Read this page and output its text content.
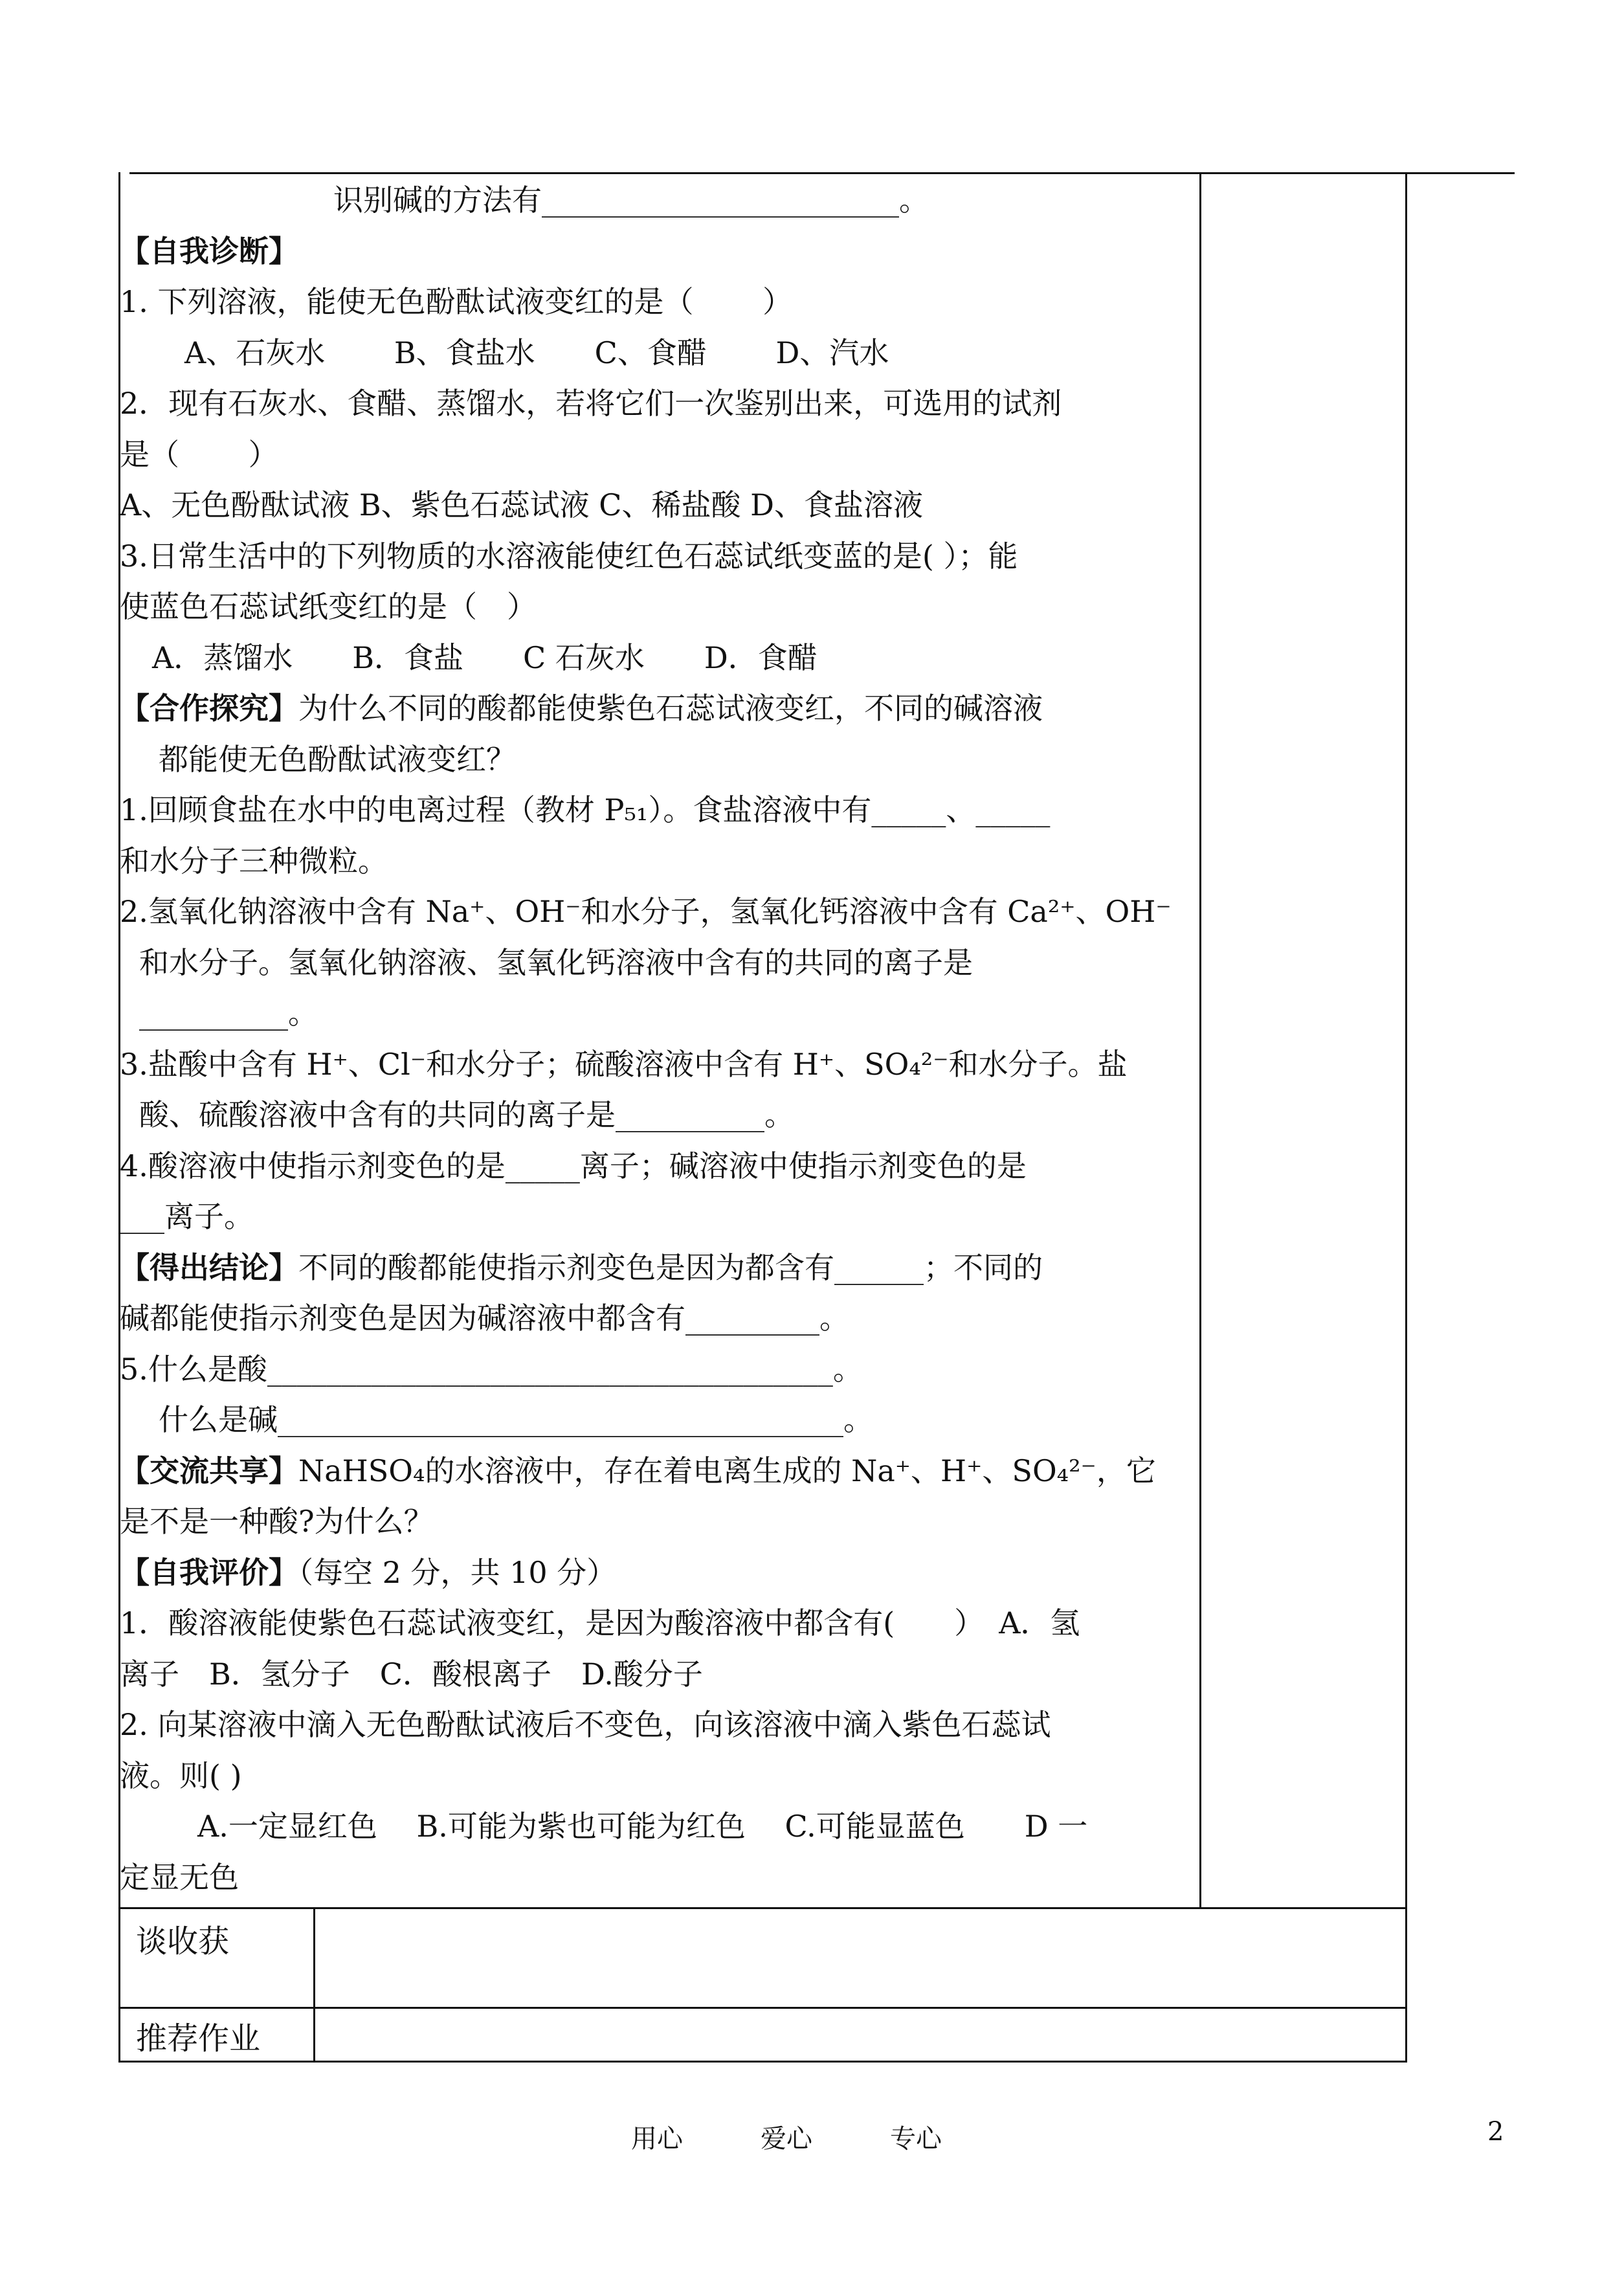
识别碱的方法有________________________。
【自我诊断】
1. 下列溶液，能使无色酚酞试液变红的是（　　 ）
A、石灰水　　 B、食盐水　　C、食醋　　 D、汽水
2．现有石灰水、食醋、蒸馏水，若将它们一次鉴别出来，可选用的试剂
是（　　 ）
A、无色酚酞试液 B、紫色石蕊试液 C、稀盐酸 D、食盐溶液
3.日常生活中的下列物质的水溶液能使红色石蕊试纸变蓝的是( ）；能
使蓝色石蕊试纸变红的是（　）
A．蒸馏水　　B．食盐　　C 石灰水　　D．食醋
【合作探究】为什么不同的酸都能使紫色石蕊试液变红，不同的碱溶液
都能使无色酚酞试液变红？
1.回顾食盐在水中的电离过程（教材 P₅₁）。食盐溶液中有_____、_____
和水分子三种微粒。
2.氢氧化钠溶液中含有 Na⁺、OH⁻和水分子，氢氧化钙溶液中含有 Ca²⁺、OH⁻
和水分子。氢氧化钠溶液、氢氧化钙溶液中含有的共同的离子是
__________。
3.盐酸中含有 H⁺、Cl⁻和水分子；硫酸溶液中含有 H⁺、SO₄²⁻和水分子。盐
酸、硫酸溶液中含有的共同的离子是__________。
4.酸溶液中使指示剂变色的是_____离子；碱溶液中使指示剂变色的是
___离子。
【得出结论】不同的酸都能使指示剂变色是因为都含有______；不同的
碱都能使指示剂变色是因为碱溶液中都含有_________。
5.什么是酸______________________________________。
什么是碱______________________________________。
【交流共享】NaHSO₄的水溶液中，存在着电离生成的 Na⁺、H⁺、SO₄²⁻，它
是不是一种酸?为什么？
【自我评价】（每空 2 分，共 10 分）
1．酸溶液能使紫色石蕊试液变红，是因为酸溶液中都含有(　　）　A．氢
离子　B．氢分子　C．酸根离子　D.酸分子
2. 向某溶液中滴入无色酚酞试液后不变色，向该溶液中滴入紫色石蕊试
液。则( )
A.一定显红色　 B.可能为紫也可能为红色　 C.可能显蓝色　　D 一
定显无色
谈收获
推荐作业
用心　　　爱心　　　专心	2
